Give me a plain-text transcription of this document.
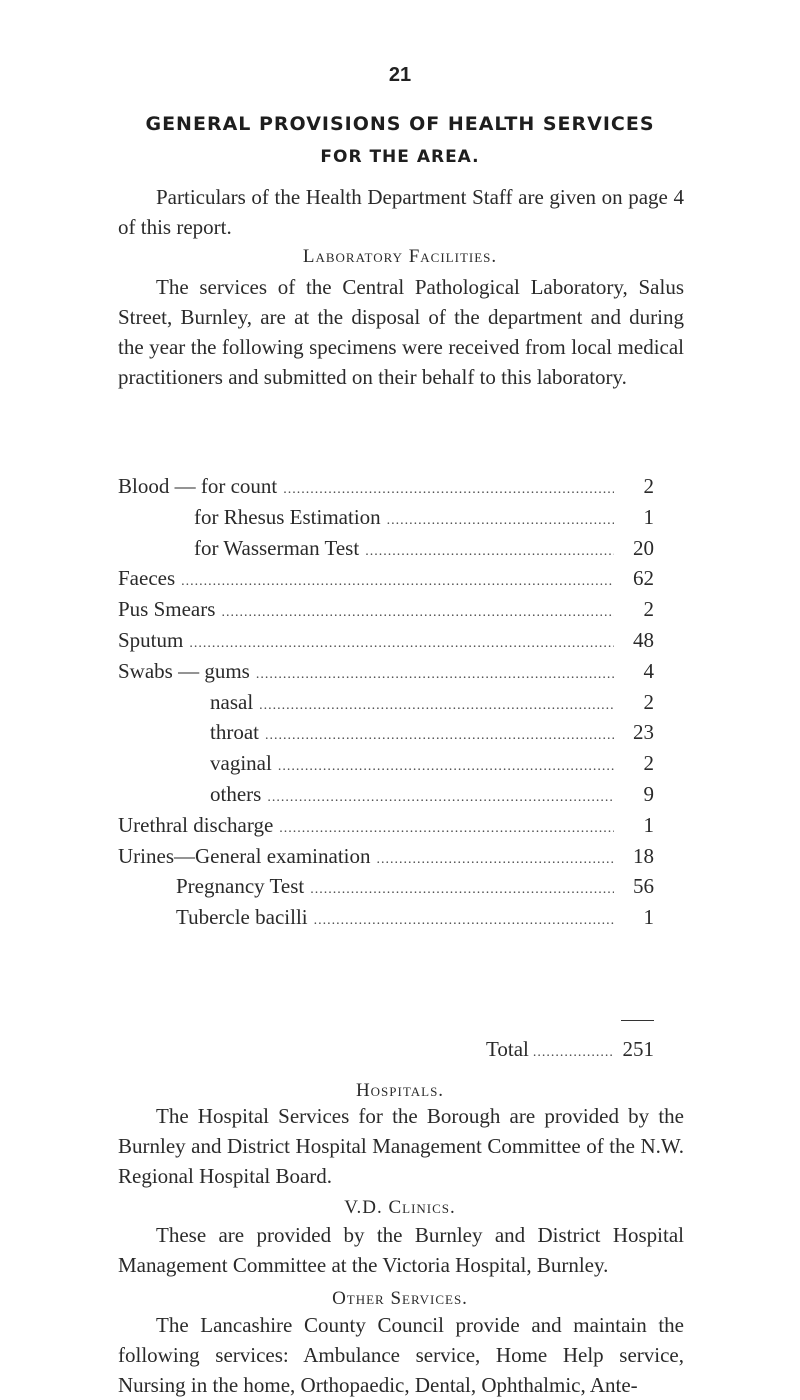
21
GENERAL PROVISIONS OF HEALTH SERVICES
FOR THE AREA.

Particulars of the Health Department Staff are given on page 4 of this report.

Laboratory Facilities.

The services of the Central Pathological Laboratory, Salus Street, Burnley, are at the disposal of the department and during the year the following specimens were received from local medical practitioners and submitted on their behalf to this laboratory.

Blood — for count .....	2
for Rhesus Estimation .....	1
for Wasserman Test .....	20
Faeces .....	62
Pus Smears .....	2
Sputum .....	48
Swabs — gums .....	4
nasal .....	2
throat .....	23
vaginal .....	2
others .....	9
Urethral discharge .....	1
Urines—General examination .....	18
Pregnancy Test .....	56
Tubercle bacilli .....	1
Total .....	251

Hospitals.

The Hospital Services for the Borough are provided by the Burnley and District Hospital Management Committee of the N.W. Regional Hospital Board.

V.D. Clinics.

These are provided by the Burnley and District Hospital Management Committee at the Victoria Hospital, Burnley.

Other Services.

The Lancashire County Council provide and maintain the following services: Ambulance service, Home Help service, Nursing in the home, Orthopaedic, Dental, Ophthalmic, Ante-
